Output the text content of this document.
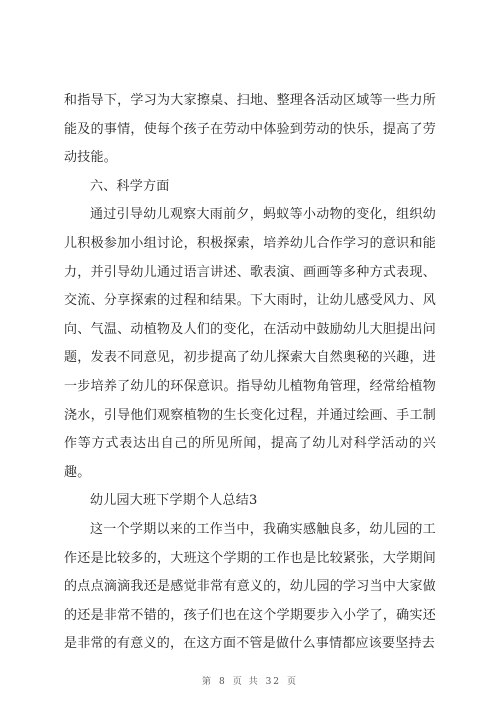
和指导下，学习为大家擦桌、扫地、整理各活动区域等一些力所能及的事情，使每个孩子在劳动中体验到劳动的快乐，提高了劳动技能。

六、科学方面

通过引导幼儿观察大雨前夕，蚂蚁等小动物的变化，组织幼儿积极参加小组讨论，积极探索，培养幼儿合作学习的意识和能力，并引导幼儿通过语言讲述、歌表演、画画等多种方式表现、交流、分享探索的过程和结果。下大雨时，让幼儿感受风力、风向、气温、动植物及人们的变化，在活动中鼓励幼儿大胆提出问题，发表不同意见，初步提高了幼儿探索大自然奥秘的兴趣，进一步培养了幼儿的环保意识。指导幼儿植物角管理，经常给植物浇水，引导他们观察植物的生长变化过程，并通过绘画、手工制作等方式表达出自己的所见所闻，提高了幼儿对科学活动的兴趣。

幼儿园大班下学期个人总结3

这一个学期以来的工作当中，我确实感触良多，幼儿园的工作还是比较多的，大班这个学期的工作也是比较紧张，大学期间的点点滴滴我还是感觉非常有意义的，幼儿园的学习当中大家做的还是非常不错的，孩子们也在这个学期要步入小学了，确实还是非常的有意义的，在这方面不管是做什么事情都应该要坚持去

第 8 页 共 32 页
